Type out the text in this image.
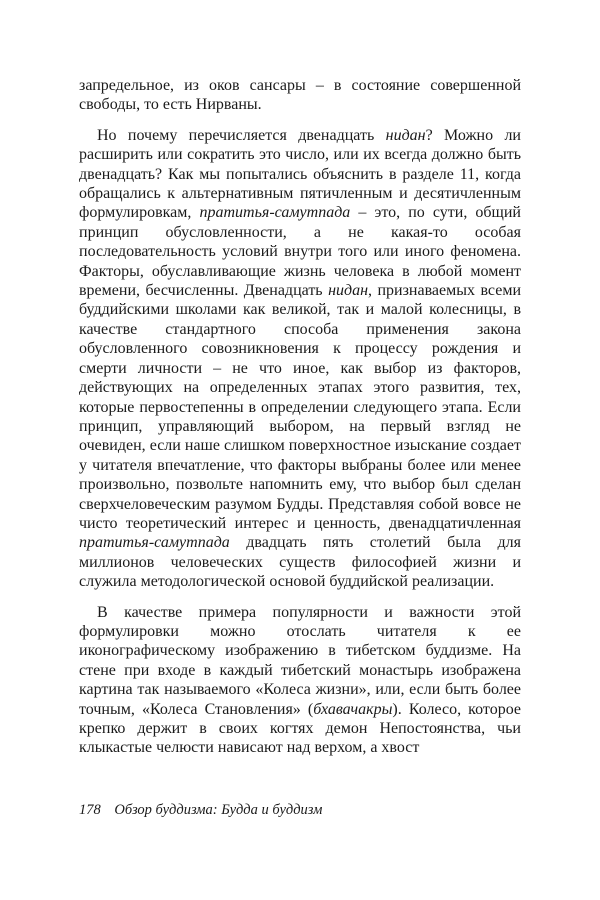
запредельное, из оков сансары – в состояние совершенной свободы, то есть Нирваны.

Но почему перечисляется двенадцать нидан? Можно ли расширить или сократить это число, или их всегда должно быть двенадцать? Как мы попытались объяснить в разделе 11, когда обращались к альтернативным пятичленным и десятичленным формулировкам, пратитья-самутпада – это, по сути, общий принцип обусловленности, а не какая-то особая последовательность условий внутри того или иного феномена. Факторы, обуславливающие жизнь человека в любой момент времени, бесчисленны. Двенадцать нидан, признаваемых всеми буддийскими школами как великой, так и малой колесницы, в качестве стандартного способа применения закона обусловленного совозникновения к процессу рождения и смерти личности – не что иное, как выбор из факторов, действующих на определенных этапах этого развития, тех, которые первостепенны в определении следующего этапа. Если принцип, управляющий выбором, на первый взгляд не очевиден, если наше слишком поверхностное изыскание создает у читателя впечатление, что факторы выбраны более или менее произвольно, позвольте напомнить ему, что выбор был сделан сверхчеловеческим разумом Будды. Представляя собой вовсе не чисто теоретический интерес и ценность, двенадцатичленная пратитья-самутпада двадцать пять столетий была для миллионов человеческих существ философией жизни и служила методологической основой буддийской реализации.

В качестве примера популярности и важности этой формулировки можно отослать читателя к ее иконографическому изображению в тибетском буддизме. На стене при входе в каждый тибетский монастырь изображена картина так называемого «Колеса жизни», или, если быть более точным, «Колеса Становления» (бхавачакры). Колесо, которое крепко держит в своих когтях демон Непостоянства, чьи клыкастые челюсти нависают над верхом, а хвост

178 Обзор буддизма: Будда и буддизм
